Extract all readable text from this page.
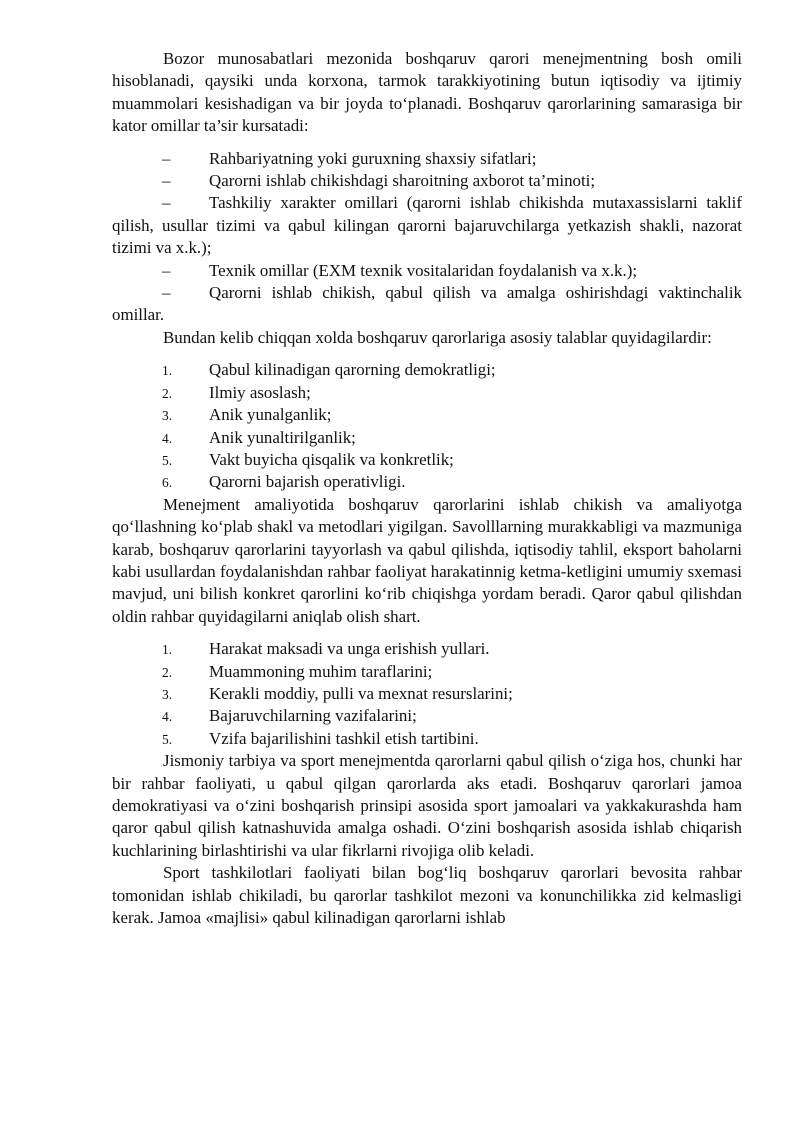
Bozor munosabatlari mezonida boshqaruv qarori menejmentning bosh omili hisoblanadi, qaysiki unda korxona, tarmok tarakkiyotining butun iqtisodiy va ijtimiy muammolari kesishadigan va bir joyda to‘planadi. Boshqaruv qarorlarining samarasiga bir kator omillar ta’sir kursatadi:

– Rahbariyatning yoki guruxning shaxsiy sifatlari;
– Qarorni ishlab chikishdagi sharoitning axborot ta’minoti;
– Tashkiliy xarakter omillari (qarorni ishlab chikishda mutaxassislarni taklif qilish, usullar tizimi va qabul kilingan qarorni bajaruvchilarga yetkazish shakli, nazorat tizimi va x.k.);
– Texnik omillar (EXM texnik vositalaridan foydalanish va x.k.);
– Qarorni ishlab chikish, qabul qilish va amalga oshirishdagi vaktinchalik omillar.

Bundan kelib chiqqan xolda boshqaruv qarorlariga asosiy talablar quyidagilardir:

1. Qabul kilinadigan qarorning demokratligi;
2. Ilmiy asoslash;
3. Anik yunalganlik;
4. Anik yunaltirilganlik;
5. Vakt buyicha qisqalik va konkretlik;
6. Qarorni bajarish operativligi.

Menejment amaliyotida boshqaruv qarorlarini ishlab chikish va amaliyotga qo‘llashning ko‘plab shakl va metodlari yigilgan. Savolllarning murakkabligi va mazmuniga karab, boshqaruv qarorlarini tayyorlash va qabul qilishda, iqtisodiy tahlil, eksport baholarni kabi usullardan foydalanishdan rahbar faoliyat harakatinnig ketma-ketligini umumiy sxemasi mavjud, uni bilish konkret qarorlini ko‘rib chiqishga yordam beradi. Qaror qabul qilishdan oldin rahbar quyidagilarni aniqlab olish shart.

1. Harakat maksadi va unga erishish yullari.
2. Muammoning muhim taraflarini;
3. Kerakli moddiy, pulli va mexnat resurslarini;
4. Bajaruvchilarning vazifalarini;
5. Vzifa bajarilishini tashkil etish tartibini.

Jismoniy tarbiya va sport menejmentda qarorlarni qabul qilish o‘ziga hos, chunki har bir rahbar faoliyati, u qabul qilgan qarorlarda aks etadi. Boshqaruv qarorlari jamoa demokratiyasi va o‘zini boshqarish prinsipi asosida sport jamoalari va yakkakurashda ham qaror qabul qilish katnashuvida amalga oshadi. O‘zini boshqarish asosida ishlab chiqarish kuchlarining birlashtirishi va ular fikrlarni rivojiga olib keladi.

Sport tashkilotlari faoliyati bilan bog‘liq boshqaruv qarorlari bevosita rahbar tomonidan ishlab chikiladi, bu qarorlar tashkilot mezoni va konunchilikka zid kelmasligi kerak. Jamoa «majlisi» qabul kilinadigan qarorlarni ishlab
